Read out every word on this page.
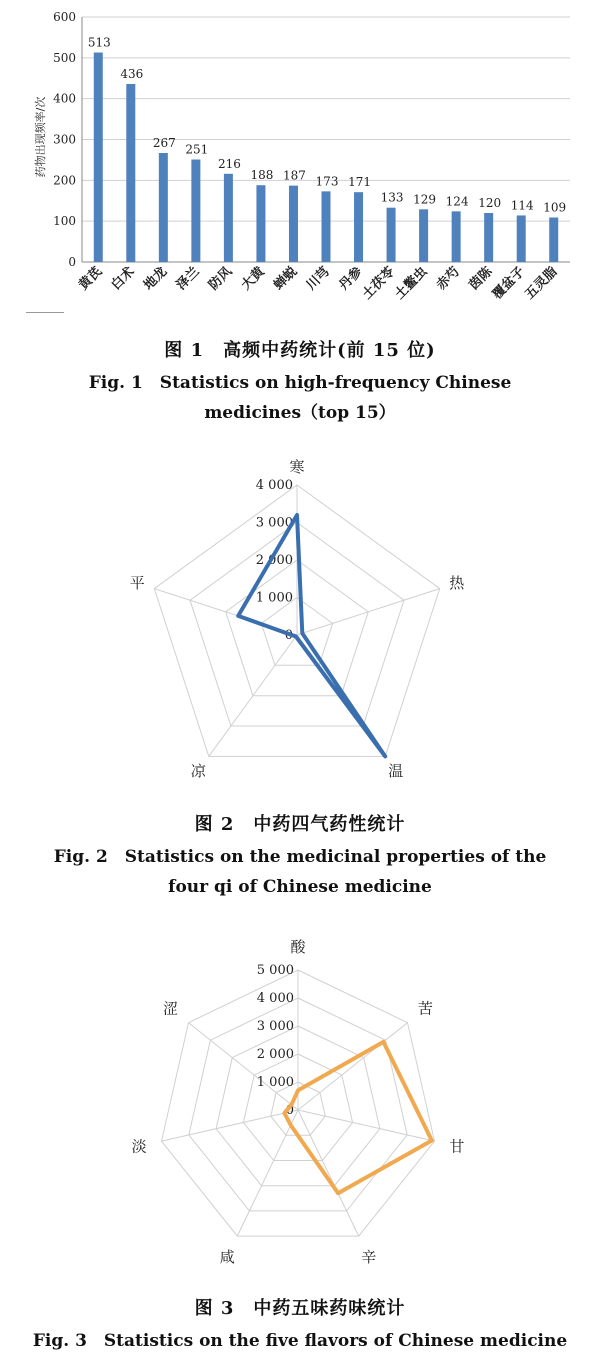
药物出现频率/次
0
100
200
300
400
500
600
513
黄芪
436
白术
267
地龙
251
泽兰
216
防风
188
大黄
187
蝉蜕
173
川芎
171
丹参
133
土茯苓
129
土鳖虫
124
赤芍
120
茵陈
114
覆盆子
109
五灵脂
图 1　高频中药统计(前 15 位)
Fig. 1　Statistics on high-frequency Chinese
medicines（top 15）
0
1 000
2 000
3 000
4 000
寒
热
温
凉
平
图 2　中药四气药性统计
Fig. 2　Statistics on the medicinal properties of the
four qi of Chinese medicine
0
1 000
2 000
3 000
4 000
5 000
酸
苦
甘
辛
咸
淡
涩
图 3　中药五味药味统计
Fig. 3　Statistics on the five flavors of Chinese medicine
